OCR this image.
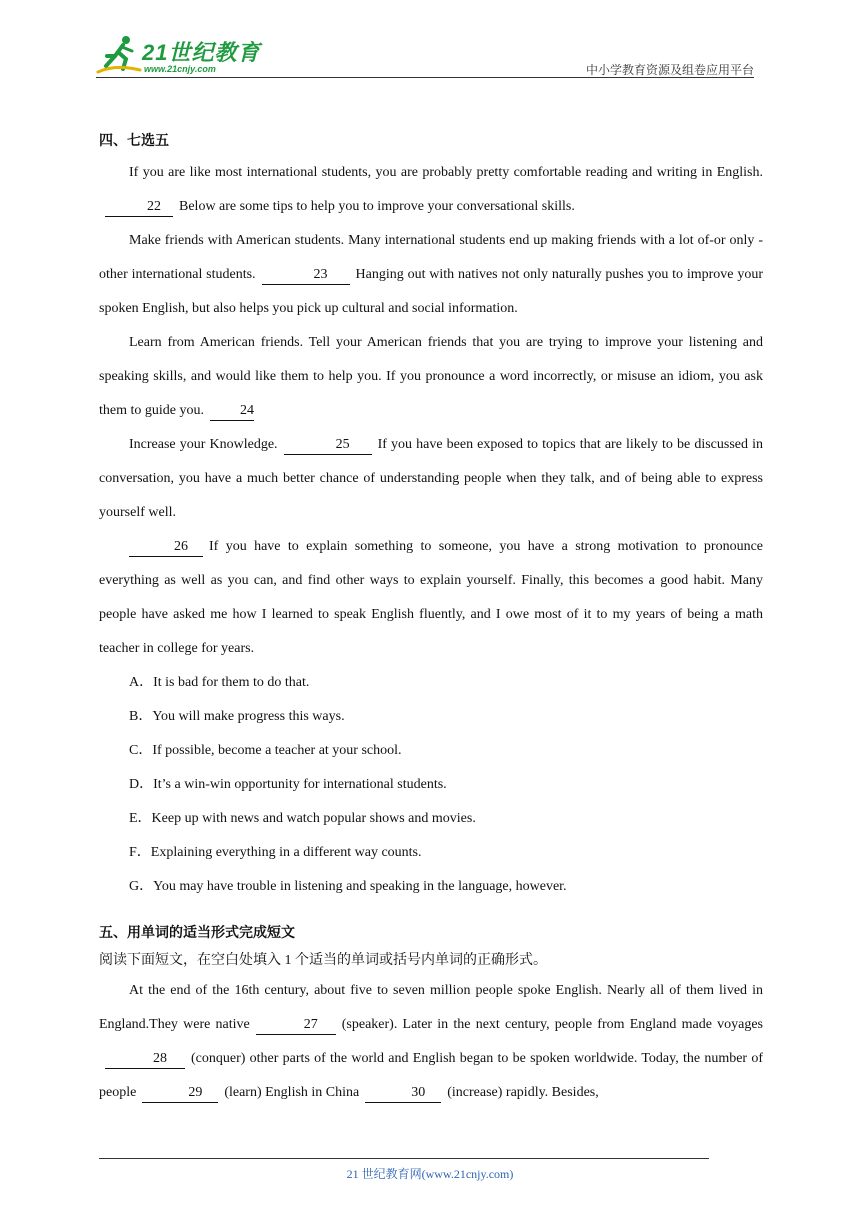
21世纪教育
www.21cnjy.com	中小学教育资源及组卷应用平台
四、七选五

If you are like most international students, you are probably pretty comfortable reading and writing in English.22 Below are some tips to help you to improve your conversational skills.

Make friends with American students. Many international students end up making friends with a lot of-or only -other international students.	23 Hanging out with natives not only naturally pushes you to improve your spoken English, but also helps you pick up cultural and social information.

Learn from American friends. Tell your American friends that you are trying to improve your listening and speaking skills, and would like them to help you. If you pronounce a word incorrectly, or misuse an idiom, you ask them to guide you.	24

Increase your Knowledge.	25 If you have been exposed to topics that are likely to be discussed in conversation, you have a much better chance of understanding people when they talk, and of being able to express yourself well.

26 If you have to explain something to someone, you have a strong motivation to pronounce everything as well as you can, and find other ways to explain yourself. Finally, this becomes a good habit. Many people have asked me how I learned to speak English fluently, and I owe most of it to my years of being a math teacher in college for years.

A．It is bad for them to do that.
B．You will make progress this ways.
C．If possible, become a teacher at your school.
D．It’s a win-win opportunity for international students.
E．Keep up with news and watch popular shows and movies.
F．Explaining everything in a different way counts.
G．You may have trouble in listening and speaking in the language, however.
五、用单词的适当形式完成短文
阅读下面短文，在空白处填入 1 个适当的单词或括号内单词的正确形式。

At the end of the 16th century, about five to seven million people spoke English. Nearly all of them lived in England.They were native	27 (speaker). Later in the next century, people from England made voyages28 (conquer) other parts of the world and English began to be spoken worldwide. Today, the number of people	29 (learn) English in China	30 (increase) rapidly. Besides,

21 世纪教育网(www.21cnjy.com)
